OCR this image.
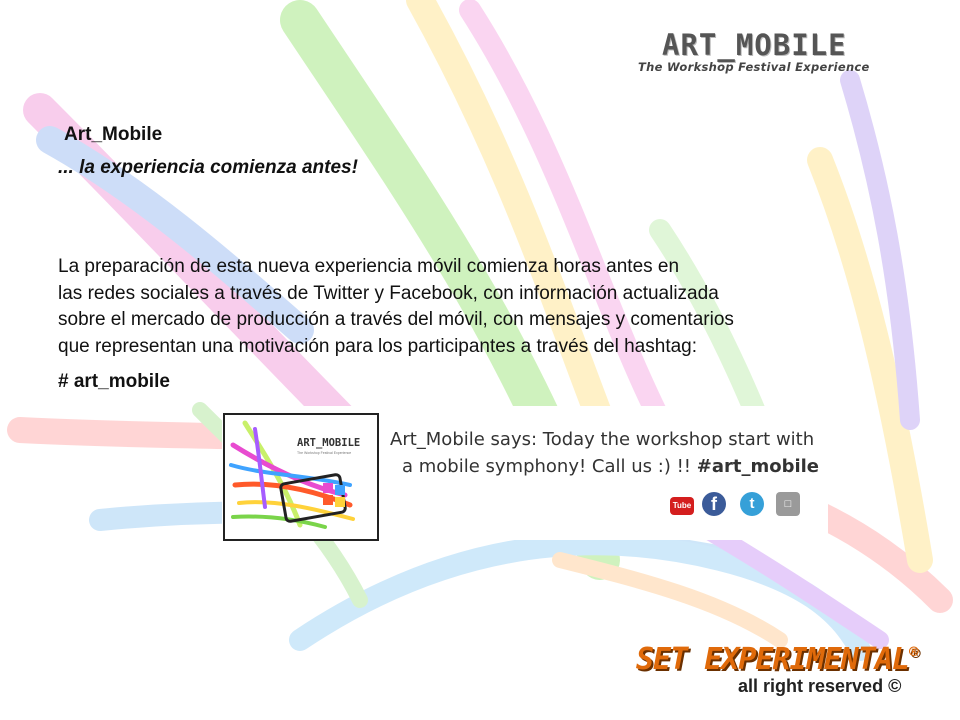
ART_MOBILE
The Workshop Festival Experience
Art_Mobile
... la experiencia comienza antes!
La preparación de esta nueva experiencia móvil comienza horas antes en
las redes sociales a través de Twitter y Facebook, con información actualizada
sobre el mercado de producción a través del móvil, con mensajes y comentarios
que representan una motivación para los participantes a través del hashtag:
# art_mobile
ART_MOBILE
The Workshop Festival Experience
Art_Mobile says: Today the workshop start with
a mobile symphony! Call us :) !! #art_mobile
Tube	f	t	□
SET EXPERIMENTAL®
all right reserved ©
